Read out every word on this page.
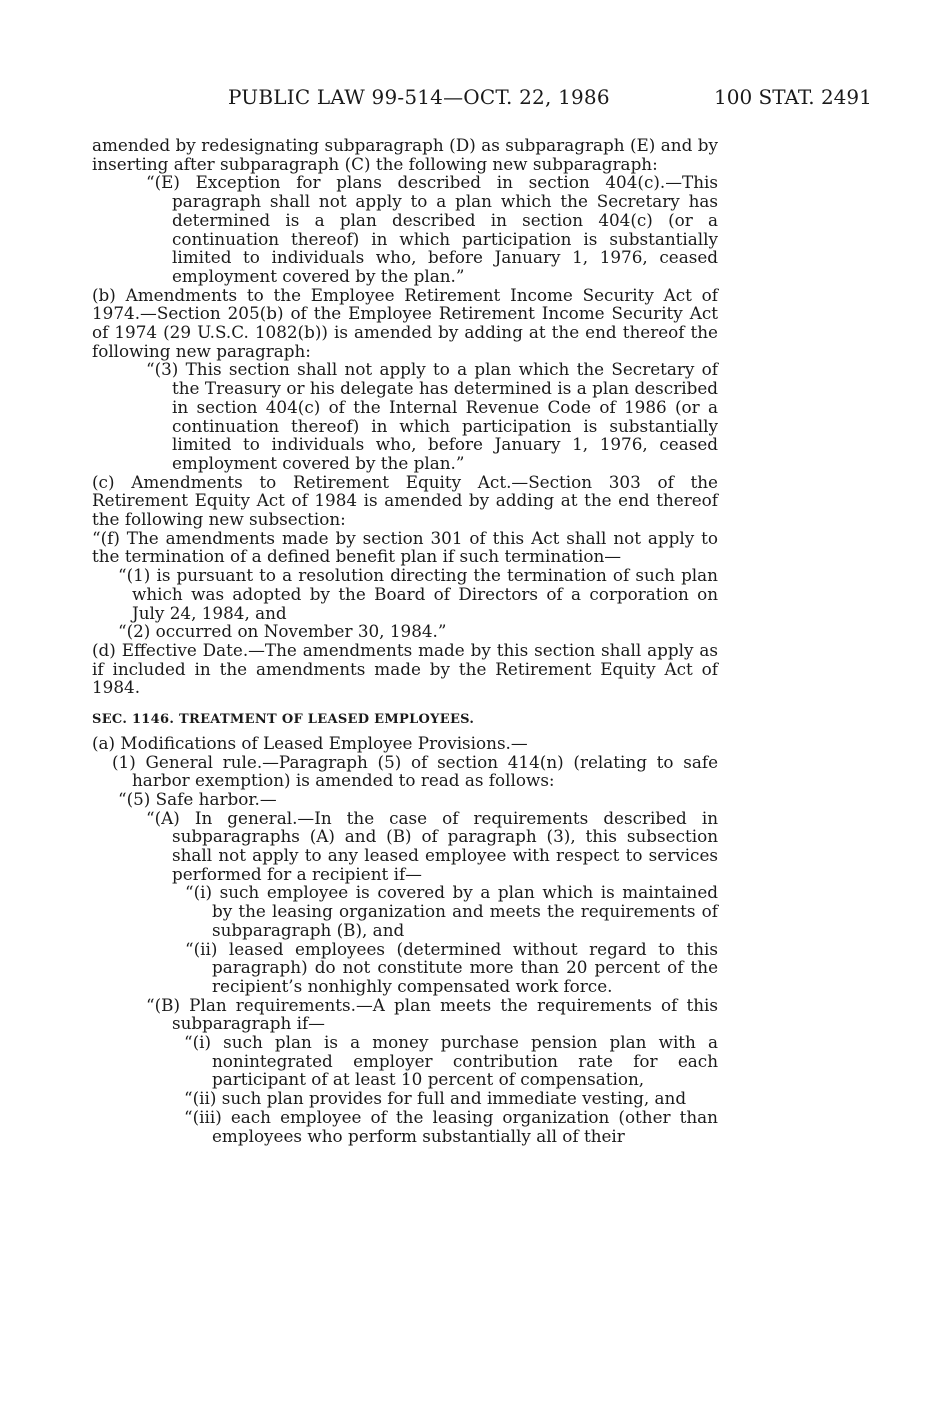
PUBLIC LAW 99-514—OCT. 22, 1986	100 STAT. 2491

amended by redesignating subparagraph (D) as subparagraph (E) and by inserting after subparagraph (C) the following new subparagraph:

“(E) Exception for plans described in section 404(c).—This paragraph shall not apply to a plan which the Secretary has determined is a plan described in section 404(c) (or a continuation thereof) in which participation is substantially limited to individuals who, before January 1, 1976, ceased employment covered by the plan.”

(b) Amendments to the Employee Retirement Income Security Act of 1974.—Section 205(b) of the Employee Retirement Income Security Act of 1974 (29 U.S.C. 1082(b)) is amended by adding at the end thereof the following new paragraph:

“(3) This section shall not apply to a plan which the Secretary of the Treasury or his delegate has determined is a plan described in section 404(c) of the Internal Revenue Code of 1986 (or a continuation thereof) in which participation is substantially limited to individuals who, before January 1, 1976, ceased employment covered by the plan.”

(c) Amendments to Retirement Equity Act.—Section 303 of the Retirement Equity Act of 1984 is amended by adding at the end thereof the following new subsection:

“(f) The amendments made by section 301 of this Act shall not apply to the termination of a defined benefit plan if such termination—

“(1) is pursuant to a resolution directing the termination of such plan which was adopted by the Board of Directors of a corporation on July 24, 1984, and

“(2) occurred on November 30, 1984.”

(d) Effective Date.—The amendments made by this section shall apply as if included in the amendments made by the Retirement Equity Act of 1984.

SEC. 1146. TREATMENT OF LEASED EMPLOYEES.

(a) Modifications of Leased Employee Provisions.—

(1) General rule.—Paragraph (5) of section 414(n) (relating to safe harbor exemption) is amended to read as follows:

“(5) Safe harbor.—

“(A) In general.—In the case of requirements described in subparagraphs (A) and (B) of paragraph (3), this subsection shall not apply to any leased employee with respect to services performed for a recipient if—

“(i) such employee is covered by a plan which is maintained by the leasing organization and meets the requirements of subparagraph (B), and

“(ii) leased employees (determined without regard to this paragraph) do not constitute more than 20 percent of the recipient’s nonhighly compensated work force.

“(B) Plan requirements.—A plan meets the requirements of this subparagraph if—

“(i) such plan is a money purchase pension plan with a nonintegrated employer contribution rate for each participant of at least 10 percent of compensation,

“(ii) such plan provides for full and immediate vesting, and

“(iii) each employee of the leasing organization (other than employees who perform substantially all of their
